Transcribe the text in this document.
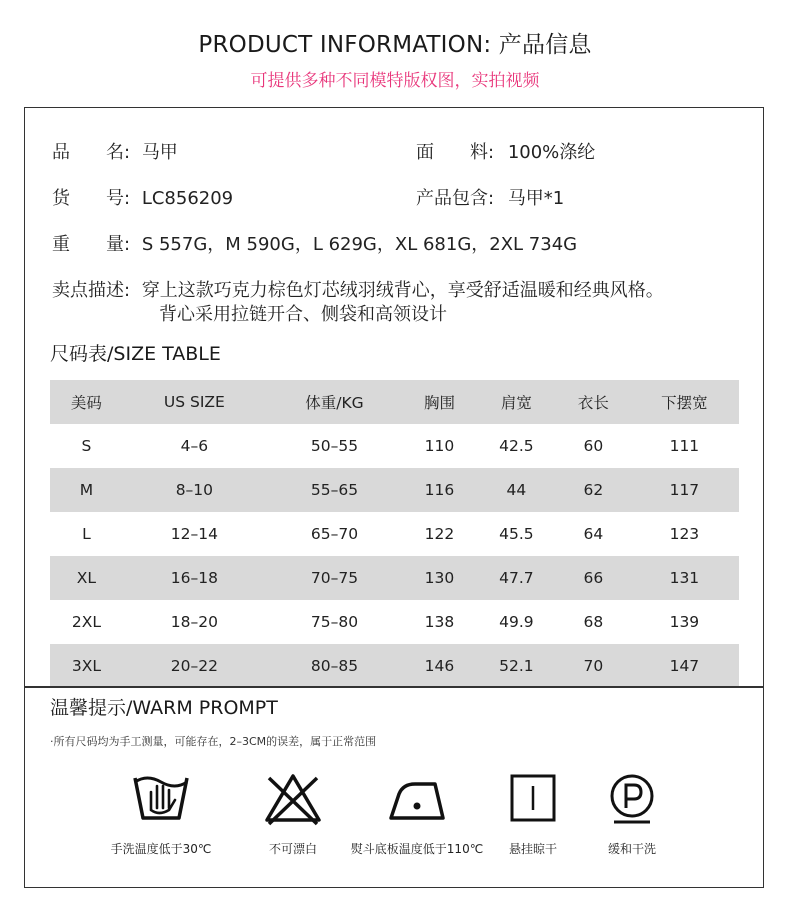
PRODUCT INFORMATION: 产品信息
可提供多种不同模特版权图，实拍视频
品　　名: 马甲	面　　料: 100%涤纶
货　　号: LC856209	产品包含: 马甲*1
重　　量: S 557G，M 590G，L 629G，XL 681G，2XL 734G
卖点描述: 穿上这款巧克力棕色灯芯绒羽绒背心，享受舒适温暖和经典风格。
背心采用拉链开合、侧袋和高领设计
尺码表/SIZE TABLE
美码	US SIZE	体重/KG	胸围	肩宽	衣长	下摆宽
S	4–6	50–55	110	42.5	60	111
M	8–10	55–65	116	44	62	117
L	12–14	65–70	122	45.5	64	123
XL	16–18	70–75	130	47.7	66	131
2XL	18–20	75–80	138	49.9	68	139
3XL	20–22	80–85	146	52.1	70	147
温馨提示/WARM PROMPT
·所有尺码均为手工测量，可能存在，2–3CM的误差，属于正常范围
手洗温度低于30℃	不可漂白	熨斗底板温度低于110℃	悬挂晾干	缓和干洗
